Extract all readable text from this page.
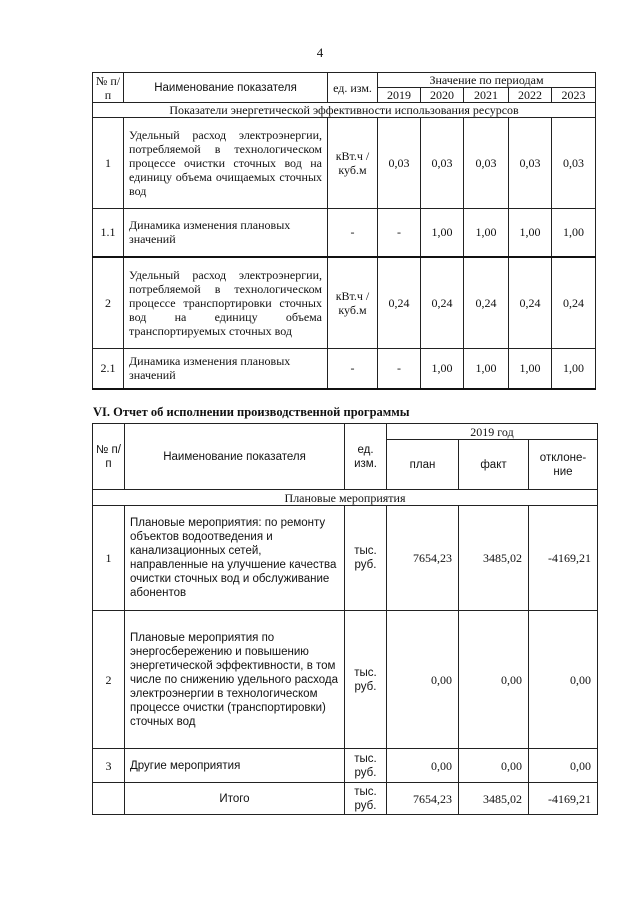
4
№ п/п	Наименование показателя	ед. изм.	Значение по периодам				
			2019	2020	2021	2022	2023
Показатели энергетической эффективности использования ресурсов							
1	Удельный расход электроэнергии, потребляемой в технологическом процессе очистки сточных вод на единицу объема очищаемых сточных вод	кВт.ч / куб.м	0,03	0,03	0,03	0,03	0,03
1.1	Динамика изменения плановых значений	-	-	1,00	1,00	1,00	1,00
2	Удельный расход электроэнергии, потребляемой в технологическом процессе транспортировки сточных вод на единицу объема транспортируемых сточных вод	кВт.ч / куб.м	0,24	0,24	0,24	0,24	0,24
2.1	Динамика изменения плановых значений	-	-	1,00	1,00	1,00	1,00
VI. Отчет об исполнении производственной программы
№ п/п	Наименование показателя	ед. изм.	2019 год		
			план	факт	отклоне- ние
Плановые мероприятия					
1	Плановые мероприятия: по ремонту объектов водоотведения и канализационных сетей, направленные на улучшение качества очистки сточных вод и обслуживание абонентов	тыс. руб.	7654,23	3485,02	-4169,21
2	Плановые мероприятия по энергосбережению и повышению энергетической эффективности, в том числе по снижению удельного расхода электроэнергии в технологическом процессе очистки (транспортировки) сточных вод	тыс. руб.	0,00	0,00	0,00
3	Другие мероприятия	тыс. руб.	0,00	0,00	0,00
	Итого	тыс. руб.	7654,23	3485,02	-4169,21
